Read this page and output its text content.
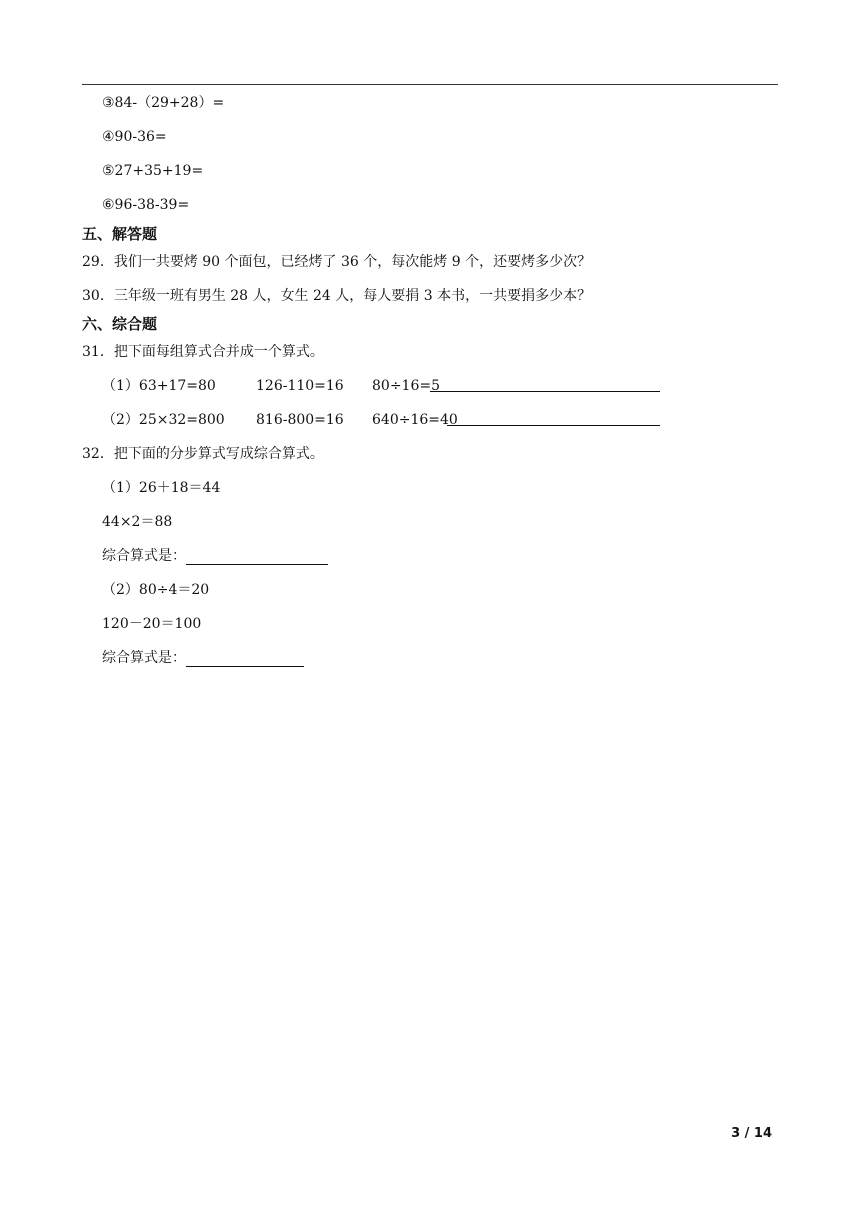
③84-（29+28）=
④90-36=
⑤27+35+19=
⑥96-38-39=
五、解答题
29．我们一共要烤 90 个面包，已经烤了 36 个，每次能烤 9 个，还要烤多少次？
30．三年级一班有男生 28 人，女生 24 人，每人要捐 3 本书，一共要捐多少本？
六、综合题
31．把下面每组算式合并成一个算式。
（1）63+17=80	126-110=16 80÷16=5
（2）25×32=800 816-800=16 640÷16=40
32．把下面的分步算式写成综合算式。
（1）26＋18＝44
44×2＝88
综合算式是：
（2）80÷4＝20
120－20＝100
综合算式是：
3 / 14
